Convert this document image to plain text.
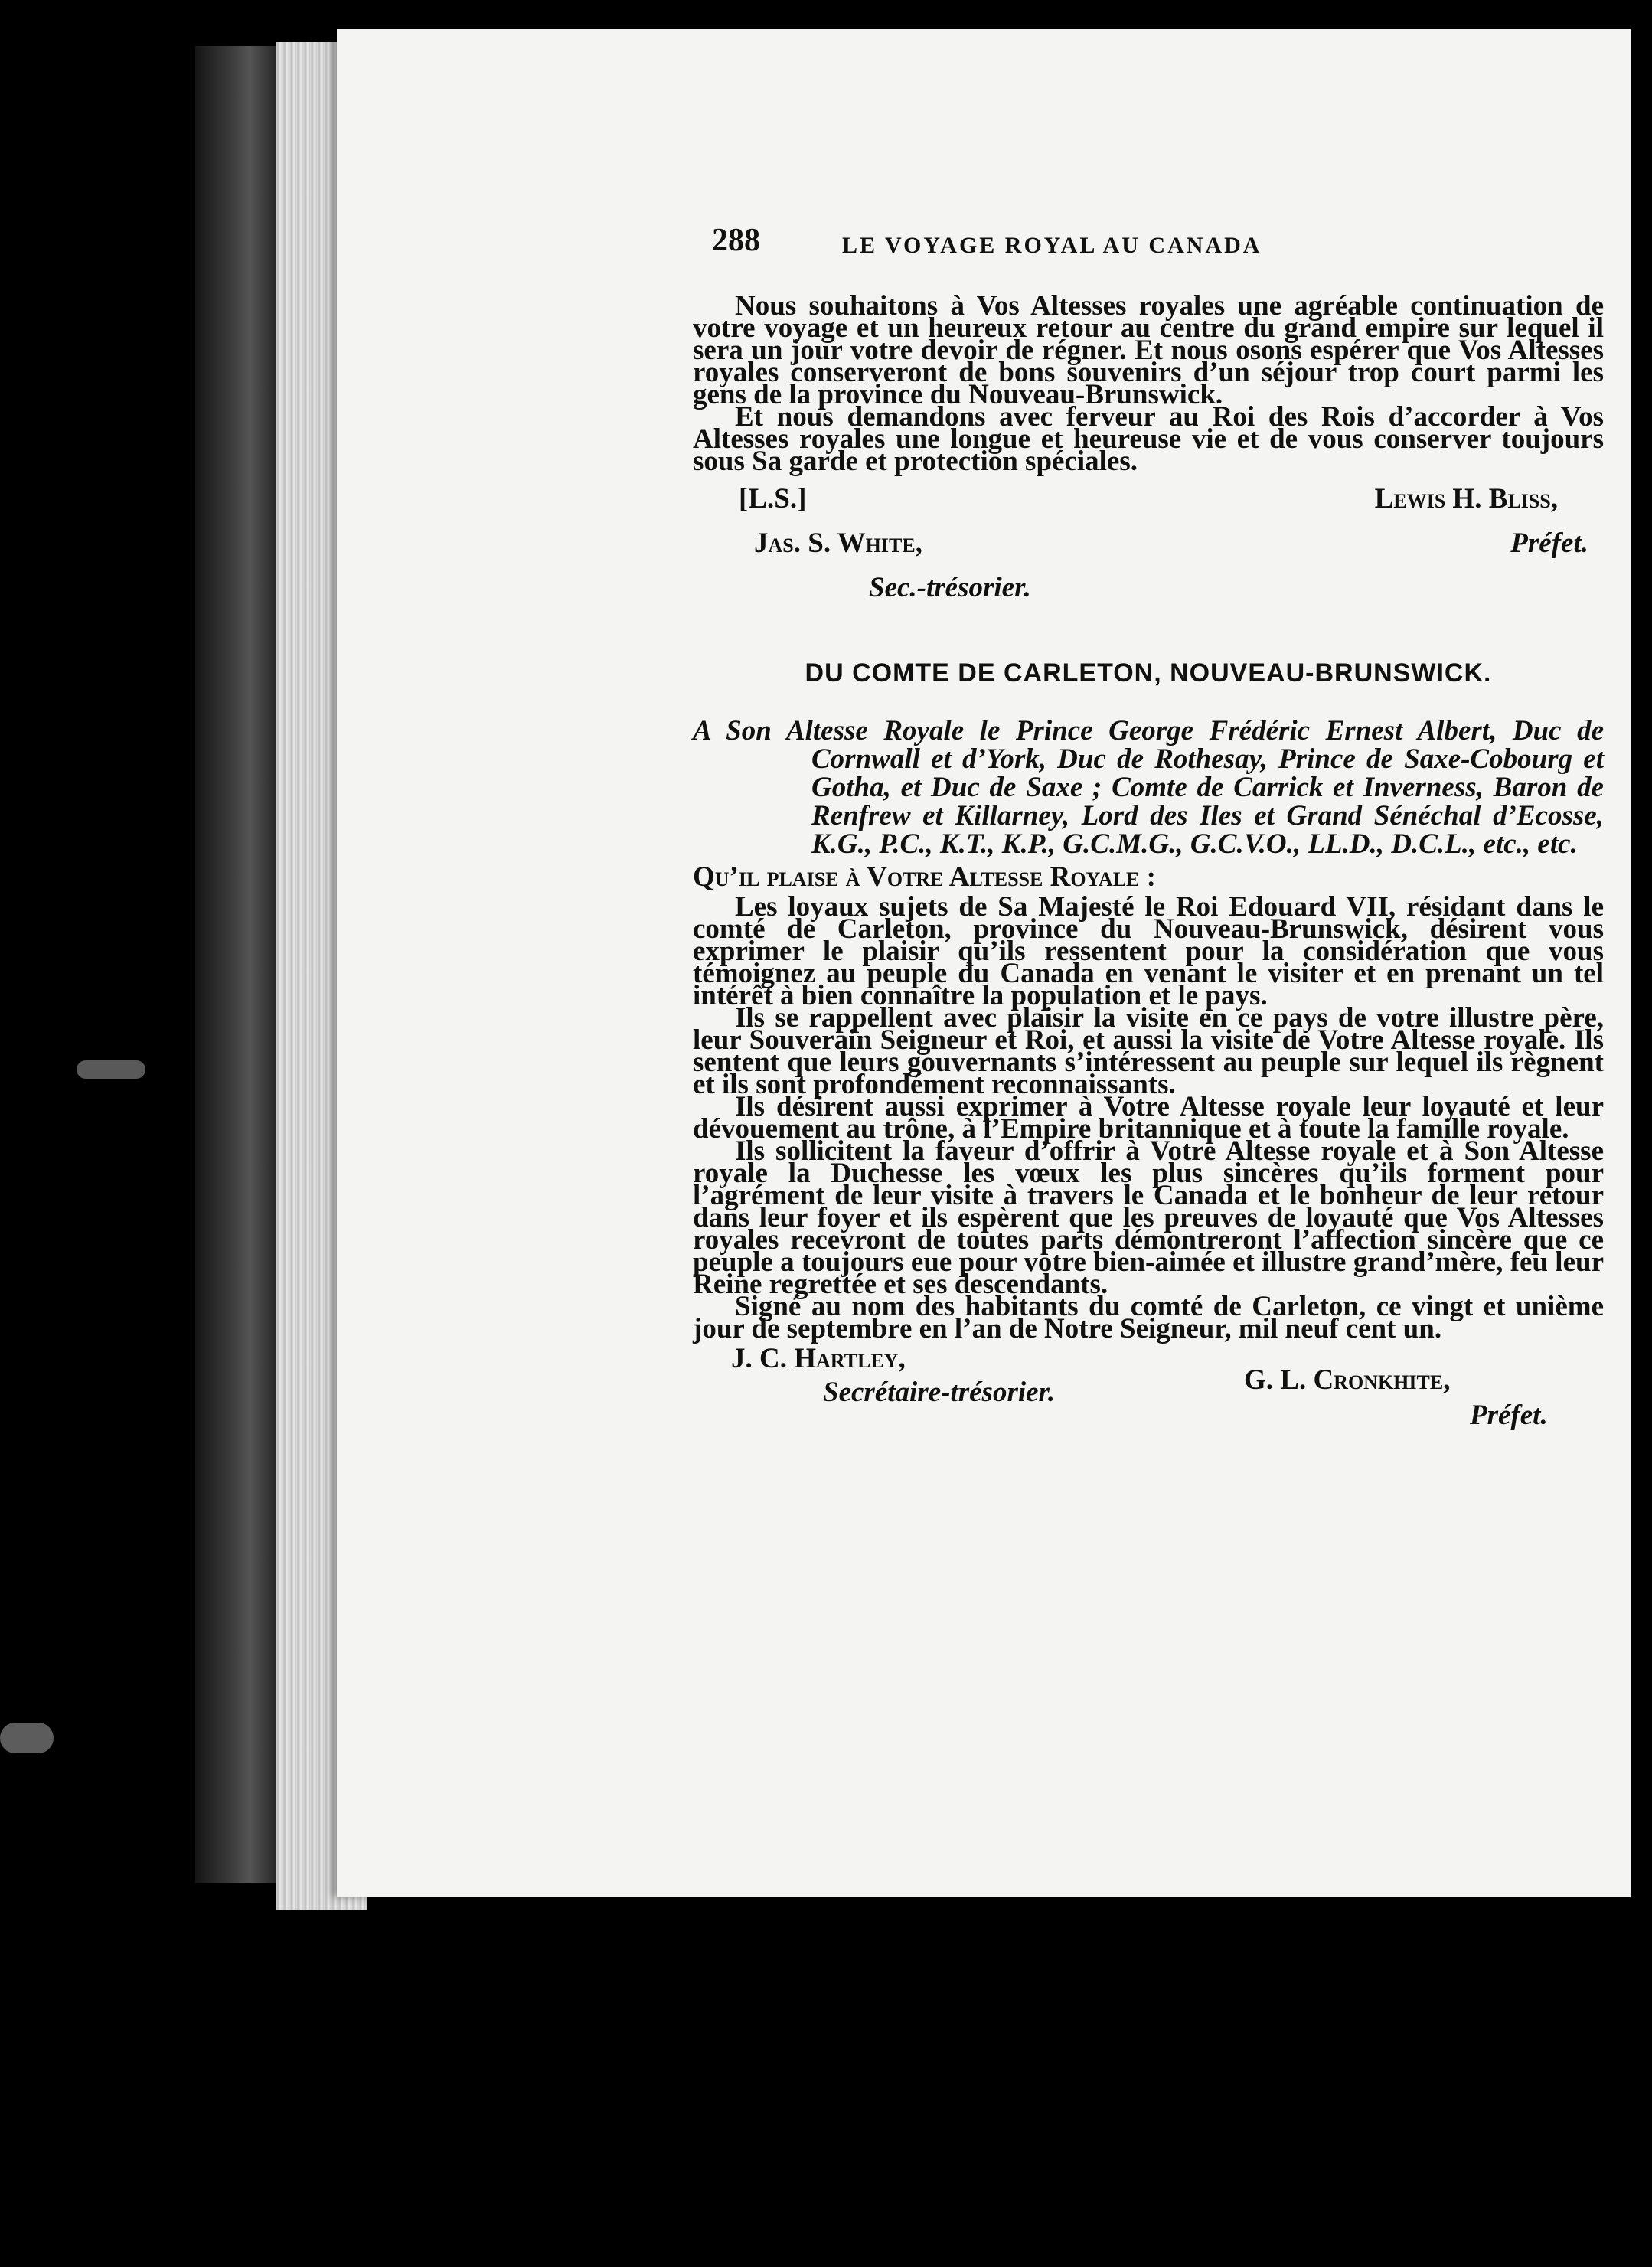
288	LE VOYAGE ROYAL AU CANADA

Nous souhaitons à Vos Altesses royales une agréable continuation de votre voyage et un heureux retour au centre du grand empire sur lequel il sera un jour votre devoir de régner. Et nous osons espérer que Vos Altesses royales conserveront de bons souvenirs d’un séjour trop court parmi les gens de la province du Nouveau-Brunswick.

Et nous demandons avec ferveur au Roi des Rois d’accorder à Vos Altesses royales une longue et heureuse vie et de vous conserver toujours sous Sa garde et protection spéciales.

[L.S.]	Lewis H. Bliss,
Jas. S. White,	Préfet.
Sec.-trésorier.
DU COMTE DE CARLETON, NOUVEAU-BRUNSWICK.

A Son Altesse Royale le Prince George Frédéric Ernest Albert, Duc de Cornwall et d’York, Duc de Rothesay, Prince de Saxe-Cobourg et Gotha, et Duc de Saxe ; Comte de Carrick et Inverness, Baron de Renfrew et Killarney, Lord des Iles et Grand Sénéchal d’Ecosse, K.G., P.C., K.T., K.P., G.C.M.G., G.C.V.O., LL.D., D.C.L., etc., etc.

Qu’il plaise à Votre Altesse Royale :

Les loyaux sujets de Sa Majesté le Roi Edouard VII, résidant dans le comté de Carleton, province du Nouveau-Brunswick, désirent vous exprimer le plaisir qu’ils ressentent pour la considération que vous témoignez au peuple du Canada en venant le visiter et en prenant un tel intérêt à bien connaître la population et le pays.

Ils se rappellent avec plaisir la visite en ce pays de votre illustre père, leur Souverain Seigneur et Roi, et aussi la visite de Votre Altesse royale. Ils sentent que leurs gouvernants s’intéressent au peuple sur lequel ils règnent et ils sont profondément reconnaissants.

Ils désirent aussi exprimer à Votre Altesse royale leur loyauté et leur dévouement au trône, à l’Empire britannique et à toute la famille royale.

Ils sollicitent la faveur d’offrir à Votre Altesse royale et à Son Altesse royale la Duchesse les vœux les plus sincères qu’ils forment pour l’agrément de leur visite à travers le Canada et le bonheur de leur retour dans leur foyer et ils espèrent que les preuves de loyauté que Vos Altesses royales recevront de toutes parts démontreront l’affection sincère que ce peuple a toujours eue pour votre bien-aimée et illustre grand’mère, feu leur Reine regrettée et ses descendants.

Signé au nom des habitants du comté de Carleton, ce vingt et unième jour de septembre en l’an de Notre Seigneur, mil neuf cent un.

J. C. Hartley,
Secrétaire-trésorier.	G. L. Cronkhite,
Préfet.
